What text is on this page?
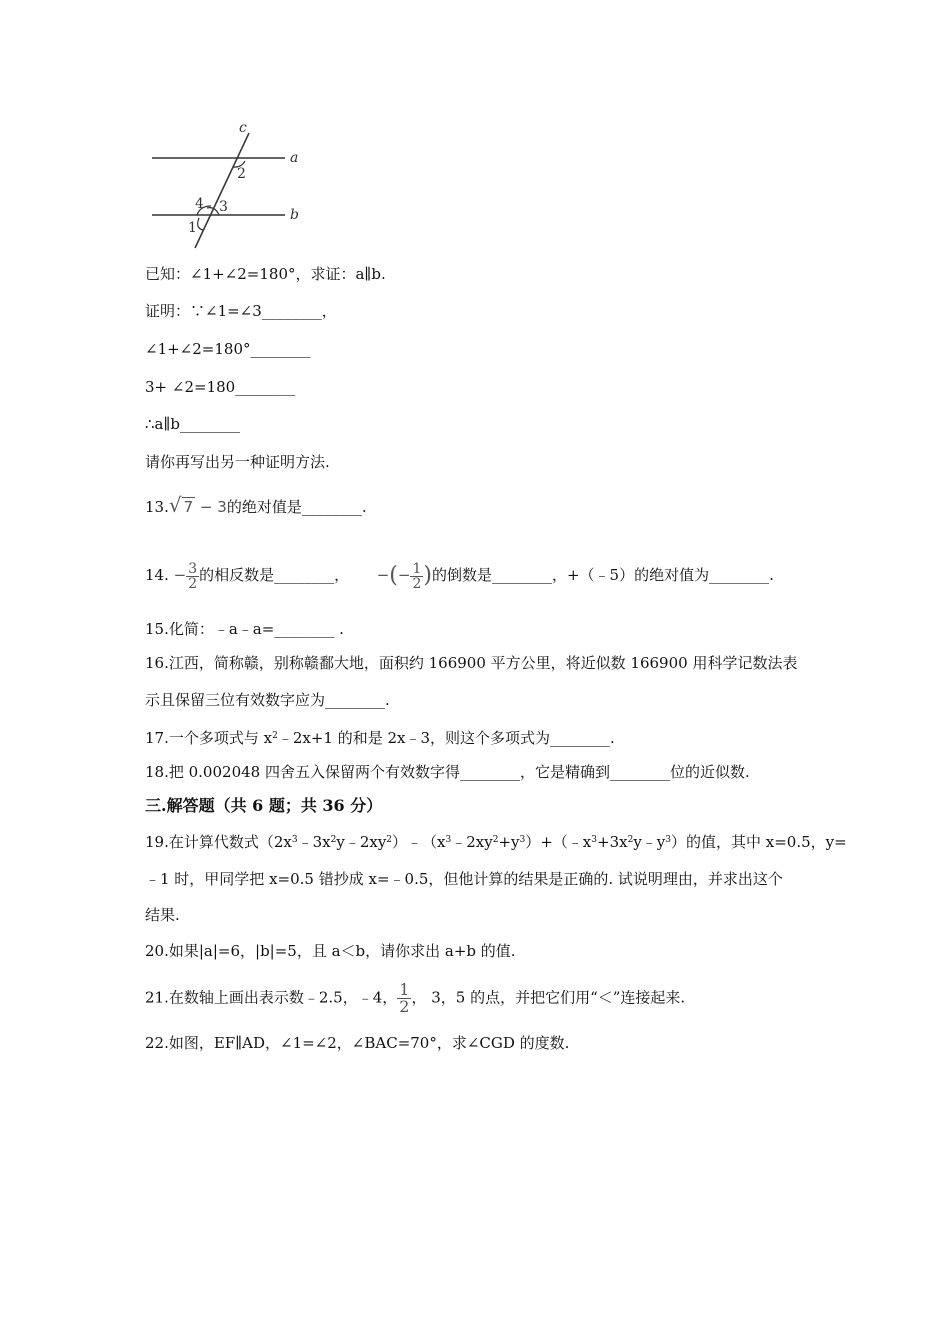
c
a
b
2
4 3
1
已知：∠1+∠2=180°，求证：a∥b.
证明：∵∠1=∠3________，
∠1+∠2=180°________
3+ ∠2=180________
∴a∥b________
请你再写出另一种证明方法.
13.√ 7 − 3的绝对值是________.
14. − $\frac{3}{2}$ 的相反数是________， −(− $\frac{1}{2}$ )的倒数是________，+（﹣5）的绝对值为________.
15.化简：﹣a﹣a=________ .
16.江西，简称赣，别称赣鄱大地，面积约 166900 平方公里，将近似数 166900 用科学记数法表
示且保留三位有效数字应为________.
17.一个多项式与 $x^2﹣2x+1$ 的和是 2x﹣3，则这个多项式为________.
18.把 0.002048 四舍五入保留两个有效数字得________，它是精确到________位的近似数.
三.解答题（共 6 题；共 36 分）
19.在计算代数式$(2x^3﹣3x^2y﹣2xy^2)﹣(x^3﹣2xy^2+y^3)+(﹣x^3+3x^2y﹣y^3)$的值，其中 x=0.5，y=
﹣1 时，甲同学把 x=0.5 错抄成 x=﹣0.5，但他计算的结果是正确的. 试说明理由，并求出这个
结果.
20.如果|a|=6，|b|=5，且 a＜b，请你求出 a+b 的值.
21.在数轴上画出表示数﹣2.5，﹣4， $\frac{1}{2}$ ， 3，5 的点，并把它们用“＜”连接起来.
22.如图，EF∥AD，∠1=∠2，∠BAC=70°，求∠CGD 的度数.
